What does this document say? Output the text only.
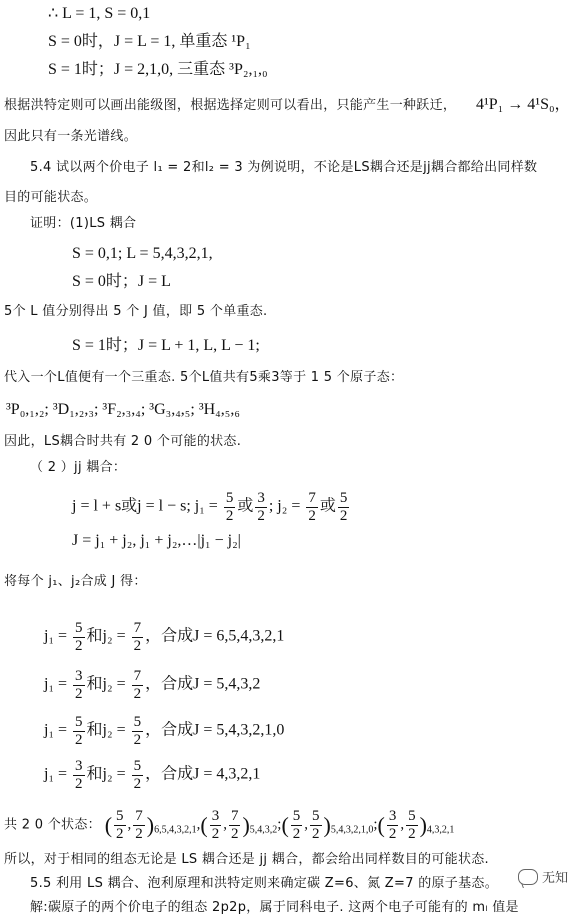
∴ L = 1, S = 0,1
S = 0时，J = L = 1, 单重态 ¹P₁
S = 1时；J = 2,1,0, 三重态 ³P₂,₁,₀
根据洪特定则可以画出能级图，根据选择定则可以看出，只能产生一种跃迁， 4¹P₁ → 4¹S₀，
因此只有一条光谱线。
5.4 试以两个价电子 l₁ = 2和l₂ = 3 为例说明，不论是LS耦合还是jj耦合都给出同样数
目的可能状态。
证明：(1)LS 耦合
S = 0,1; L = 5,4,3,2,1,
S = 0时；J = L
5个 L 值分别得出 5 个 J 值，即 5 个单重态.
S = 1时；J = L + 1, L, L − 1;
代入一个L值便有一个三重态. 5个L值共有5乘3等于 1 5 个原子态：
³P₀,₁,₂; ³D₁,₂,₃; ³F₂,₃,₄; ³G₃,₄,₅; ³H₄,₅,₆
因此，LS耦合时共有 2 0 个可能的状态.
（ 2 ）jj 耦合：
j = l + s或j = l − s; $j_1 = \frac{5}{2}$ 或 $\frac{3}{2}$ ; $j_2 = \frac{7}{2}$ 或 $\frac{5}{2}$
J = j₁ + j₂, j₁ + j₂,…|j₁ − j₂|
将每个 j₁、j₂合成 J 得：
$j_1 = \frac{5}{2}$ 和$j_2 = \frac{7}{2}$ ，合成J = 6,5,4,3,2,1
$j_1 = \frac{3}{2}$ 和$j_2 = \frac{7}{2}$ ，合成J = 5,4,3,2
$j_1 = \frac{5}{2}$ 和$j_2 = \frac{5}{2}$ ，合成J = 5,4,3,2,1,0
$j_1 = \frac{3}{2}$ 和$j_2 = \frac{5}{2}$ ，合成J = 4,3,2,1
共 2 0 个状态： ( $\frac{5}{2}$ , $\frac{7}{2} )_{6,5,4,3,2,1},( \frac{3}{2}$ , $\frac{7}{2}$ )$_{5,4,3,2};( \frac{5}{2}$ , $\frac{5}{2}$ )$_{5,4,3,2,1,0};( \frac{3}{2}$ , $\frac{5}{2} )_{4,3,2,1}$
所以，对于相同的组态无论是 LS 耦合还是 jj 耦合，都会给出同样数目的可能状态.
5.5 利用 LS 耦合、泡利原理和洪特定则来确定碳 Z=6、氮 Z=7 的原子基态。
解:碳原子的两个价电子的组态 2p2p，属于同科电子. 这两个电子可能有的 mₗ 值是
无知
